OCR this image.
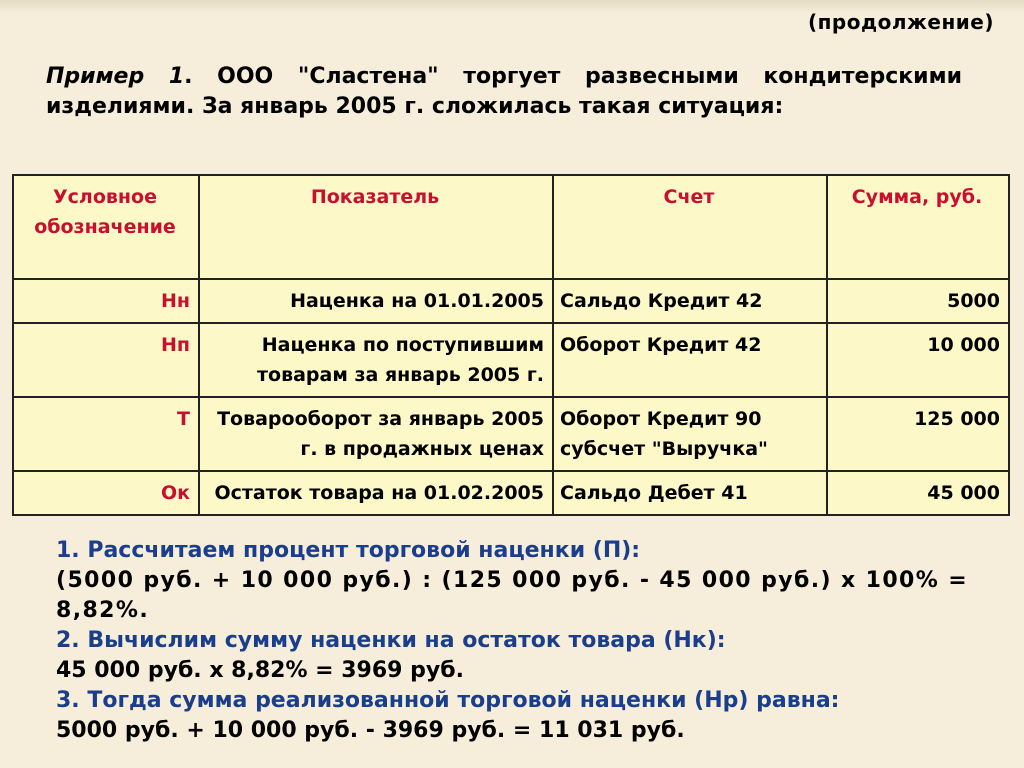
(продолжение)
Пример 1. ООО "Сластена" торгует развесными кондитерскими изделиями. За январь 2005 г. сложилась такая ситуация:
Условное обозначение	Показатель	Счет	Сумма, руб.
Нн	Наценка на 01.01.2005	Сальдо Кредит 42	5000
Нп	Наценка по поступившим товарам за январь 2005 г.	Оборот Кредит 42	10 000
Т	Товарооборот за январь 2005 г. в продажных ценах	Оборот Кредит 90 субсчет "Выручка"	125 000
Ок	Остаток товара на 01.02.2005	Сальдо Дебет 41	45 000
1. Рассчитаем процент торговой наценки (П):
(5000 руб. + 10 000 руб.) : (125 000 руб. - 45 000 руб.) x 100% = 8,82%.
2. Вычислим сумму наценки на остаток товара (Нк):
45 000 руб. x 8,82% = 3969 руб.
3. Тогда сумма реализованной торговой наценки (Нр) равна:
5000 руб. + 10 000 руб. - 3969 руб. = 11 031 руб.
